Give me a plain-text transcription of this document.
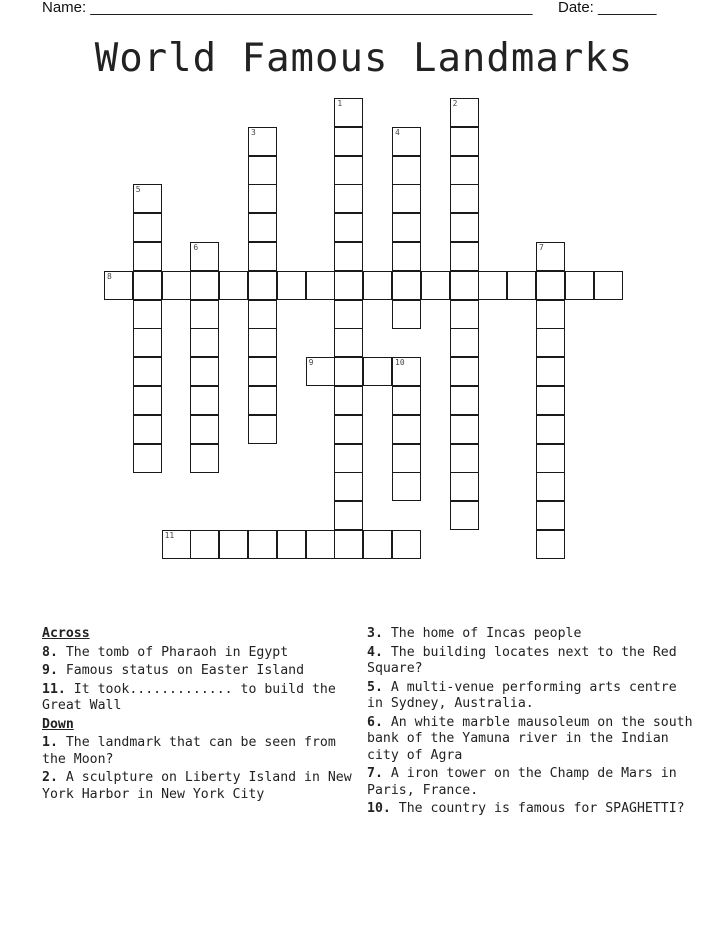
Name: _____________________________________________________ Date: _______
World Famous Landmarks
1	2
3	4
5
6	7
8
9	10
11
Across
8. The tomb of Pharaoh in Egypt
9. Famous status on Easter Island
11. It took............. to build the Great Wall
Down
1. The landmark that can be seen from the Moon?
2. A sculpture on Liberty Island in New York Harbor in New York City
3. The home of Incas people
4. The building locates next to the Red Square?
5. A multi-venue performing arts centre in Sydney, Australia.
6. An white marble mausoleum on the south bank of the Yamuna river in the Indian city of Agra
7. A iron tower on the Champ de Mars in Paris, France.
10. The country is famous for SPAGHETTI?
